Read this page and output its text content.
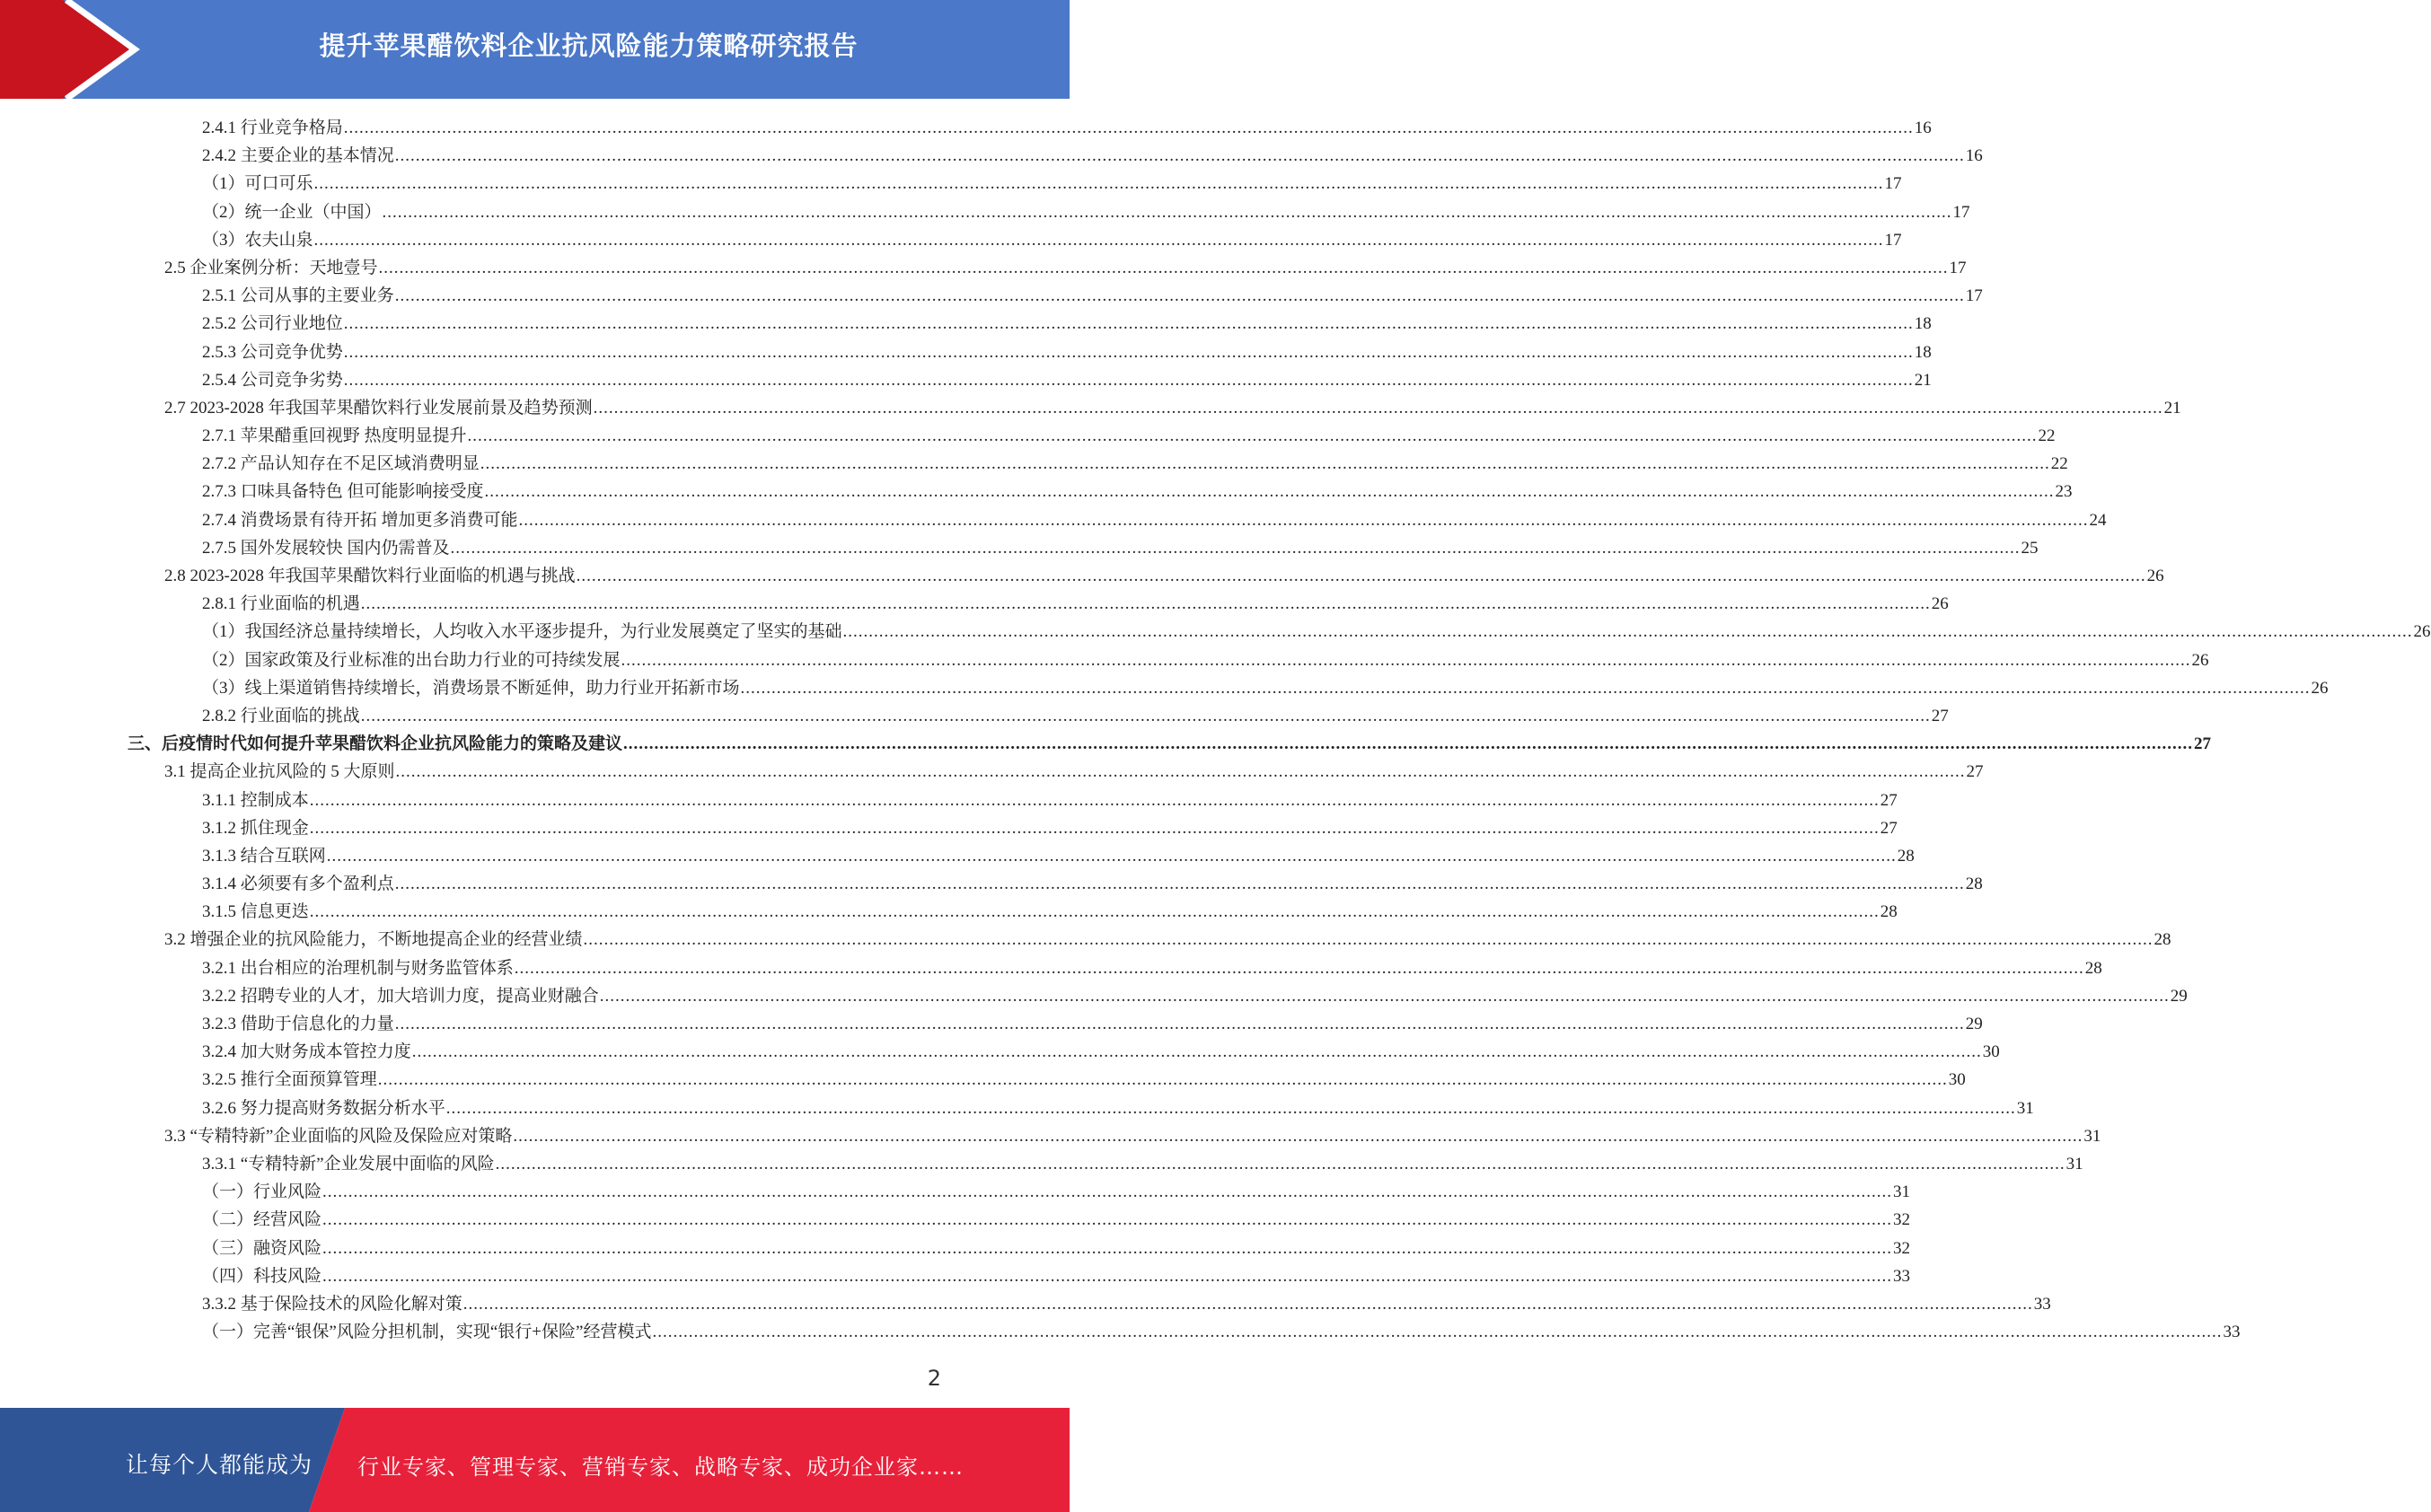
提升苹果醋饮料企业抗风险能力策略研究报告
2.4.1 行业竞争格局 .....	16
2.4.2 主要企业的基本情况 .....	16
（1）可口可乐 .....	17
（2）统一企业（中国） .....	17
（3）农夫山泉 .....	17
2.5 企业案例分析：天地壹号 .....	17
2.5.1 公司从事的主要业务 .....	17
2.5.2 公司行业地位 .....	18
2.5.3 公司竞争优势 .....	18
2.5.4 公司竞争劣势 .....	21
2.7 2023-2028 年我国苹果醋饮料行业发展前景及趋势预测 .....	21
2.7.1 苹果醋重回视野 热度明显提升 .....	22
2.7.2 产品认知存在不足区域消费明显 .....	22
2.7.3 口味具备特色 但可能影响接受度 .....	23
2.7.4 消费场景有待开拓 增加更多消费可能 .....	24
2.7.5 国外发展较快 国内仍需普及 .....	25
2.8 2023-2028 年我国苹果醋饮料行业面临的机遇与挑战 .....	26
2.8.1 行业面临的机遇 .....	26
（1）我国经济总量持续增长，人均收入水平逐步提升，为行业发展奠定了坚实的基础 .....	26
（2）国家政策及行业标准的出台助力行业的可持续发展 .....	26
（3）线上渠道销售持续增长，消费场景不断延伸，助力行业开拓新市场 .....	26
2.8.2 行业面临的挑战 .....	27
三、后疫情时代如何提升苹果醋饮料企业抗风险能力的策略及建议 .....	27
3.1 提高企业抗风险的 5 大原则 .....	27
3.1.1 控制成本 .....	27
3.1.2 抓住现金 .....	27
3.1.3 结合互联网 .....	28
3.1.4 必须要有多个盈利点 .....	28
3.1.5 信息更迭 .....	28
3.2 增强企业的抗风险能力，不断地提高企业的经营业绩 .....	28
3.2.1 出台相应的治理机制与财务监管体系 .....	28
3.2.2 招聘专业的人才，加大培训力度，提高业财融合 .....	29
3.2.3 借助于信息化的力量 .....	29
3.2.4 加大财务成本管控力度 .....	30
3.2.5 推行全面预算管理 .....	30
3.2.6 努力提高财务数据分析水平 .....	31
3.3 “专精特新”企业面临的风险及保险应对策略 .....	31
3.3.1 “专精特新”企业发展中面临的风险 .....	31
（一）行业风险 .....	31
（二）经营风险 .....	32
（三）融资风险 .....	32
（四）科技风险 .....	33
3.3.2 基于保险技术的风险化解对策 .....	33
（一）完善“银保”风险分担机制，实现“银行+保险”经营模式 .....	33
2
让每个人都能成为 行业专家、管理专家、营销专家、战略专家、成功企业家……
